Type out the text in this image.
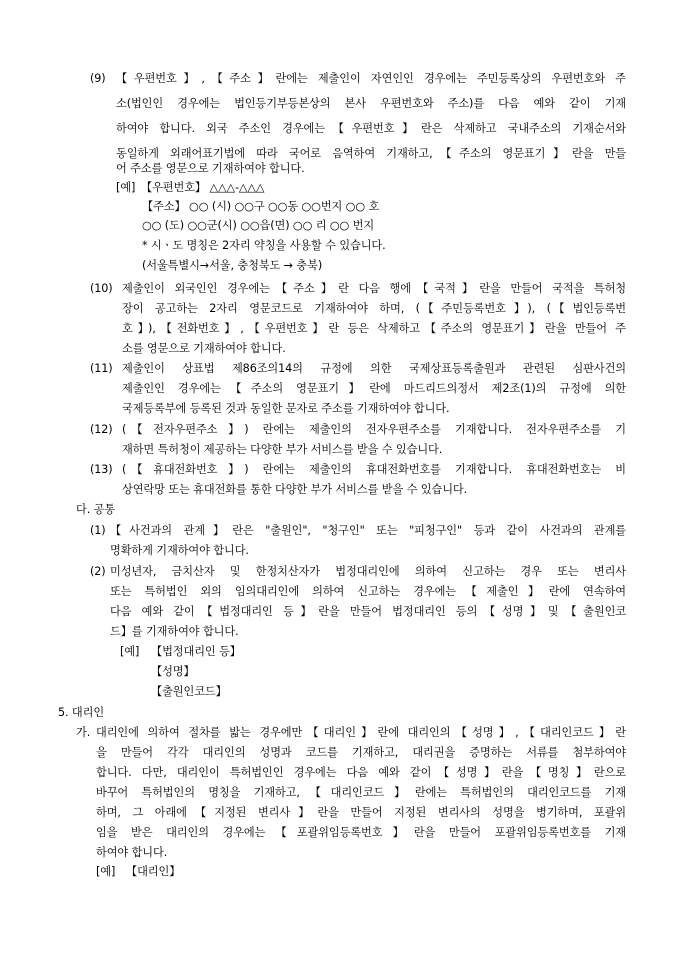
(9) 【우편번호】,【주소】란에는 제출인이 자연인인 경우에는 주민등록상의 우편번호와 주
소(법인인 경우에는 법인등기부등본상의 본사 우편번호와 주소)를 다음 예와 같이 기재
하여야 합니다. 외국 주소인 경우에는【우편번호】란은 삭제하고 국내주소의 기재순서와
동일하게 외래어표기법에 따라 국어로 음역하여 기재하고,【주소의 영문표기】란을 만들
어 주소를 영문으로 기재하여야 합니다.
[예] 【우편번호】 △△△-△△△
【주소】 ○○ (시) ○○구 ○○동 ○○번지 ○○ 호
○○ (도) ○○군(시) ○○읍(면) ○○ 리 ○○ 번지
* 시ㆍ도 명칭은 2자리 약칭을 사용할 수 있습니다.
(서울특별시→서울, 충청북도 → 충북)
(10) 제출인이 외국인인 경우에는【주소】란 다음 행에【국적】란을 만들어 국적을 특허청
장이 공고하는 2자리 영문코드로 기재하여야 하며, (【주민등록번호】), (【법인등록번
호】),【전화번호】,【우편번호】란 등은 삭제하고【주소의 영문표기】란을 만들어 주
소를 영문으로 기재하여야 합니다.
(11) 제출인이 상표법 제86조의14의 규정에 의한 국제상표등록출원과 관련된 심판사건의
제출인인 경우에는【주소의 영문표기】란에 마드리드의정서 제2조(1)의 규정에 의한
국제등록부에 등록된 것과 동일한 문자로 주소를 기재하여야 합니다.
(12) (【전자우편주소】) 란에는 제출인의 전자우편주소를 기재합니다. 전자우편주소를 기
재하면 특허청이 제공하는 다양한 부가 서비스를 받을 수 있습니다.
(13) (【휴대전화번호】) 란에는 제출인의 휴대전화번호를 기재합니다. 휴대전화번호는 비
상연락망 또는 휴대전화를 통한 다양한 부가 서비스를 받을 수 있습니다.
다. 공통
(1) 【사건과의 관계】란은 "출원인", "청구인" 또는 "피청구인" 등과 같이 사건과의 관계를
명확하게 기재하여야 합니다.
(2) 미성년자, 금치산자 및 한정치산자가 법정대리인에 의하여 신고하는 경우 또는 변리사
또는 특허법인 외의 임의대리인에 의하여 신고하는 경우에는【제출인】란에 연속하여
다음 예와 같이【법정대리인 등】란을 만들어 법정대리인 등의【성명】및【출원인코
드】를 기재하여야 합니다.
[예] 【법정대리인 등】
【성명】
【출원인코드】
5. 대리인
가. 대리인에 의하여 절차를 밟는 경우에만【대리인】란에 대리인의【성명】,【대리인코드】란
을 만들어 각각 대리인의 성명과 코드를 기재하고, 대리권을 증명하는 서류를 첨부하여야
합니다. 다만, 대리인이 특허법인인 경우에는 다음 예와 같이【성명】란을【명칭】란으로
바꾸어 특허법인의 명칭을 기재하고,【대리인코드】란에는 특허법인의 대리인코드를 기재
하며, 그 아래에【지정된 변리사】란을 만들어 지정된 변리사의 성명을 병기하며, 포괄위
임을 받은 대리인의 경우에는【포괄위임등록번호】란을 만들어 포괄위임등록번호를 기재
하여야 합니다.
[예] 【대리인】
